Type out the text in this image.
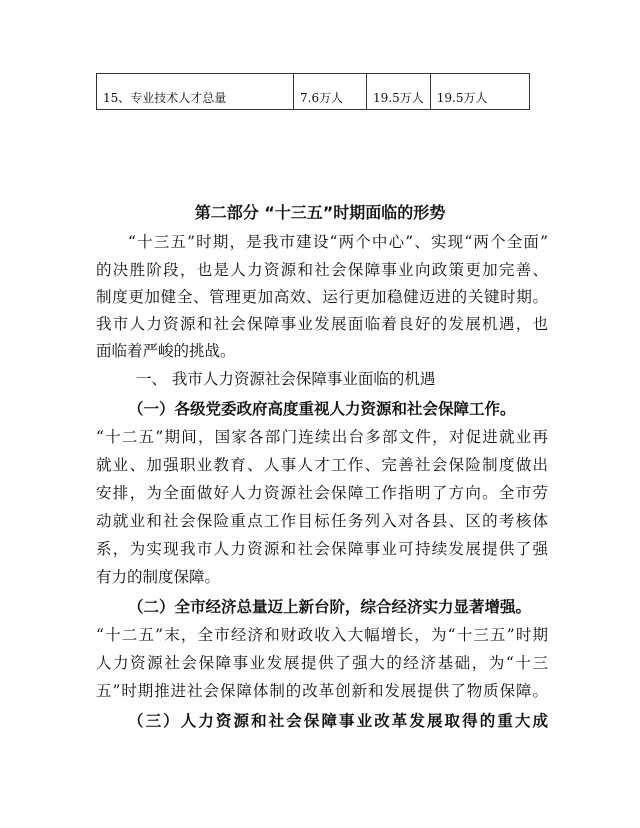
15、专业技术人才总量	7.6万人	19.5万人	19.5万人
第二部分 “十三五”时期面临的形势
“十三五”时期，是我市建设“两个中心”、实现“两个全面”
的决胜阶段，也是人力资源和社会保障事业向政策更加完善、
制度更加健全、管理更加高效、运行更加稳健迈进的关键时期。
我市人力资源和社会保障事业发展面临着良好的发展机遇，也
面临着严峻的挑战。
一、 我市人力资源社会保障事业面临的机遇
（一）各级党委政府高度重视人力资源和社会保障工作。
“十二五”期间，国家各部门连续出台多部文件，对促进就业再
就业、加强职业教育、人事人才工作、完善社会保险制度做出
安排，为全面做好人力资源社会保障工作指明了方向。全市劳
动就业和社会保险重点工作目标任务列入对各县、区的考核体
系，为实现我市人力资源和社会保障事业可持续发展提供了强
有力的制度保障。
（二）全市经济总量迈上新台阶，综合经济实力显著增强。
“十二五”末，全市经济和财政收入大幅增长，为“十三五”时期
人力资源社会保障事业发展提供了强大的经济基础，为“十三
五”时期推进社会保障体制的改革创新和发展提供了物质保障。
（三）人力资源和社会保障事业改革发展取得的重大成
